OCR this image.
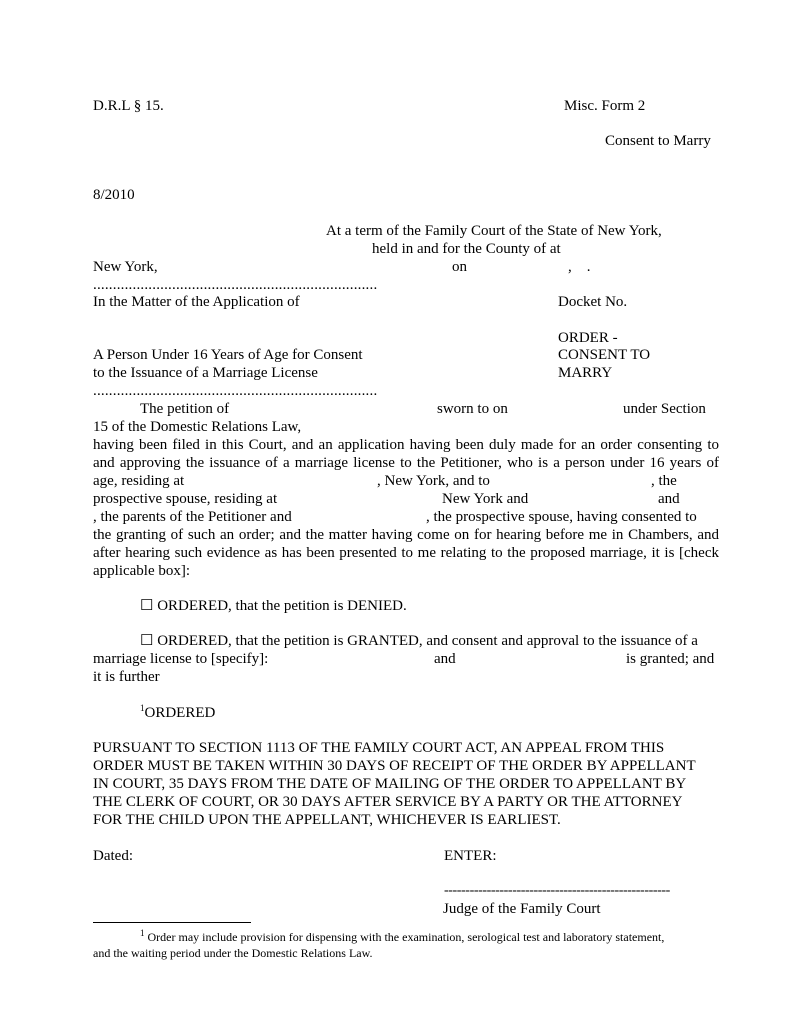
D.R.L § 15.	Misc. Form 2
Consent to Marry
8/2010
At a term of the Family Court of the State of New York,
held in and for the County of at
New York,	on	,    .
........................................................................
In the Matter of the Application of	Docket No.
ORDER -
A Person Under 16 Years of Age for Consent	CONSENT TO
to the Issuance of a Marriage License	MARRY
........................................................................
The petition of	sworn to on	under Section
15 of the Domestic Relations Law,
having been filed in this Court, and an application having been duly made for an order consenting to
and approving the issuance of a marriage license to the Petitioner, who is a person under 16 years of
age, residing at	, New York, and to	, the
prospective spouse, residing at	New York and	and
, the parents of the Petitioner and	, the prospective spouse, having consented to
the granting of such an order; and the matter having come on for hearing before me in Chambers, and
after hearing such evidence as has been presented to me relating to the proposed marriage, it is [check
applicable box]:
☐ ORDERED, that the petition is DENIED.
☐ ORDERED, that the petition is GRANTED, and consent and approval to the issuance of a
marriage license to [specify]:	and	is granted; and
it is further
$^1$ORDERED
PURSUANT TO SECTION 1113 OF THE FAMILY COURT ACT, AN APPEAL FROM THIS
ORDER MUST BE TAKEN WITHIN 30 DAYS OF RECEIPT OF THE ORDER BY APPELLANT
IN COURT, 35 DAYS FROM THE DATE OF MAILING OF THE ORDER TO APPELLANT BY
THE CLERK OF COURT, OR 30 DAYS AFTER SERVICE BY A PARTY OR THE ATTORNEY
FOR THE CHILD UPON THE APPELLANT, WHICHEVER IS EARLIEST.
Dated:	ENTER:
-----------------------------------------------------
Judge of the Family Court
$^1$ Order may include provision for dispensing with the examination, serological test and laboratory statement,
and the waiting period under the Domestic Relations Law.
